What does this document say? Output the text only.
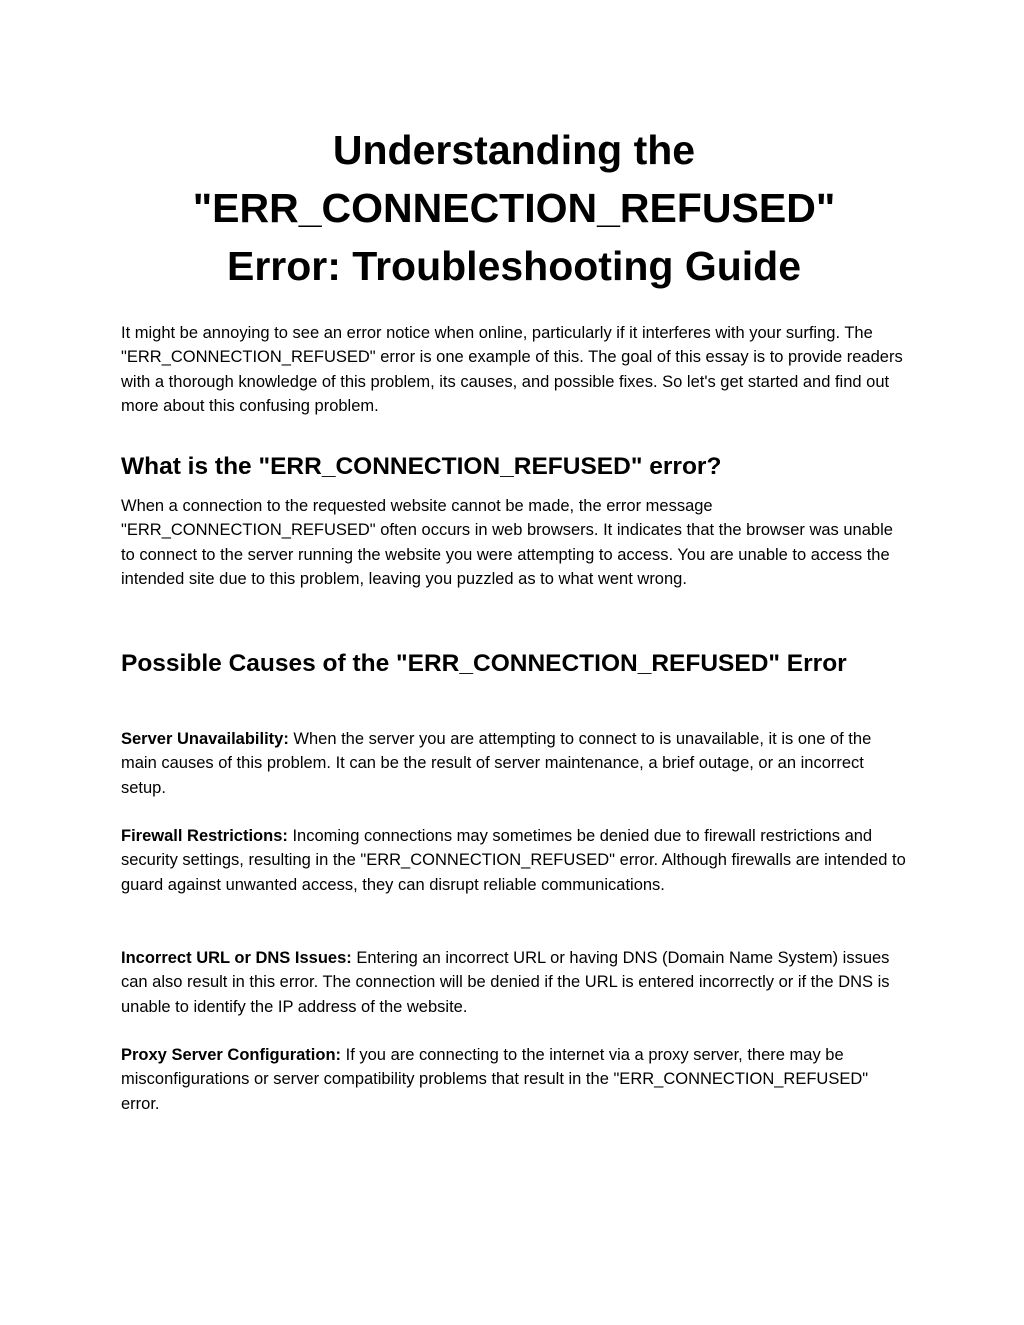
Understanding the
"ERR_CONNECTION_REFUSED"
Error: Troubleshooting Guide

It might be annoying to see an error notice when online, particularly if it interferes with your surfing. The "ERR_CONNECTION_REFUSED" error is one example of this. The goal of this essay is to provide readers with a thorough knowledge of this problem, its causes, and possible fixes. So let's get started and find out more about this confusing problem.

What is the "ERR_CONNECTION_REFUSED" error?

When a connection to the requested website cannot be made, the error message "ERR_CONNECTION_REFUSED" often occurs in web browsers. It indicates that the browser was unable to connect to the server running the website you were attempting to access. You are unable to access the intended site due to this problem, leaving you puzzled as to what went wrong.

Possible Causes of the "ERR_CONNECTION_REFUSED" Error

Server Unavailability: When the server you are attempting to connect to is unavailable, it is one of the main causes of this problem. It can be the result of server maintenance, a brief outage, or an incorrect setup.

Firewall Restrictions: Incoming connections may sometimes be denied due to firewall restrictions and security settings, resulting in the "ERR_CONNECTION_REFUSED" error. Although firewalls are intended to guard against unwanted access, they can disrupt reliable communications.

Incorrect URL or DNS Issues: Entering an incorrect URL or having DNS (Domain Name System) issues can also result in this error. The connection will be denied if the URL is entered incorrectly or if the DNS is unable to identify the IP address of the website.

Proxy Server Configuration: If you are connecting to the internet via a proxy server, there may be misconfigurations or server compatibility problems that result in the "ERR_CONNECTION_REFUSED" error.
